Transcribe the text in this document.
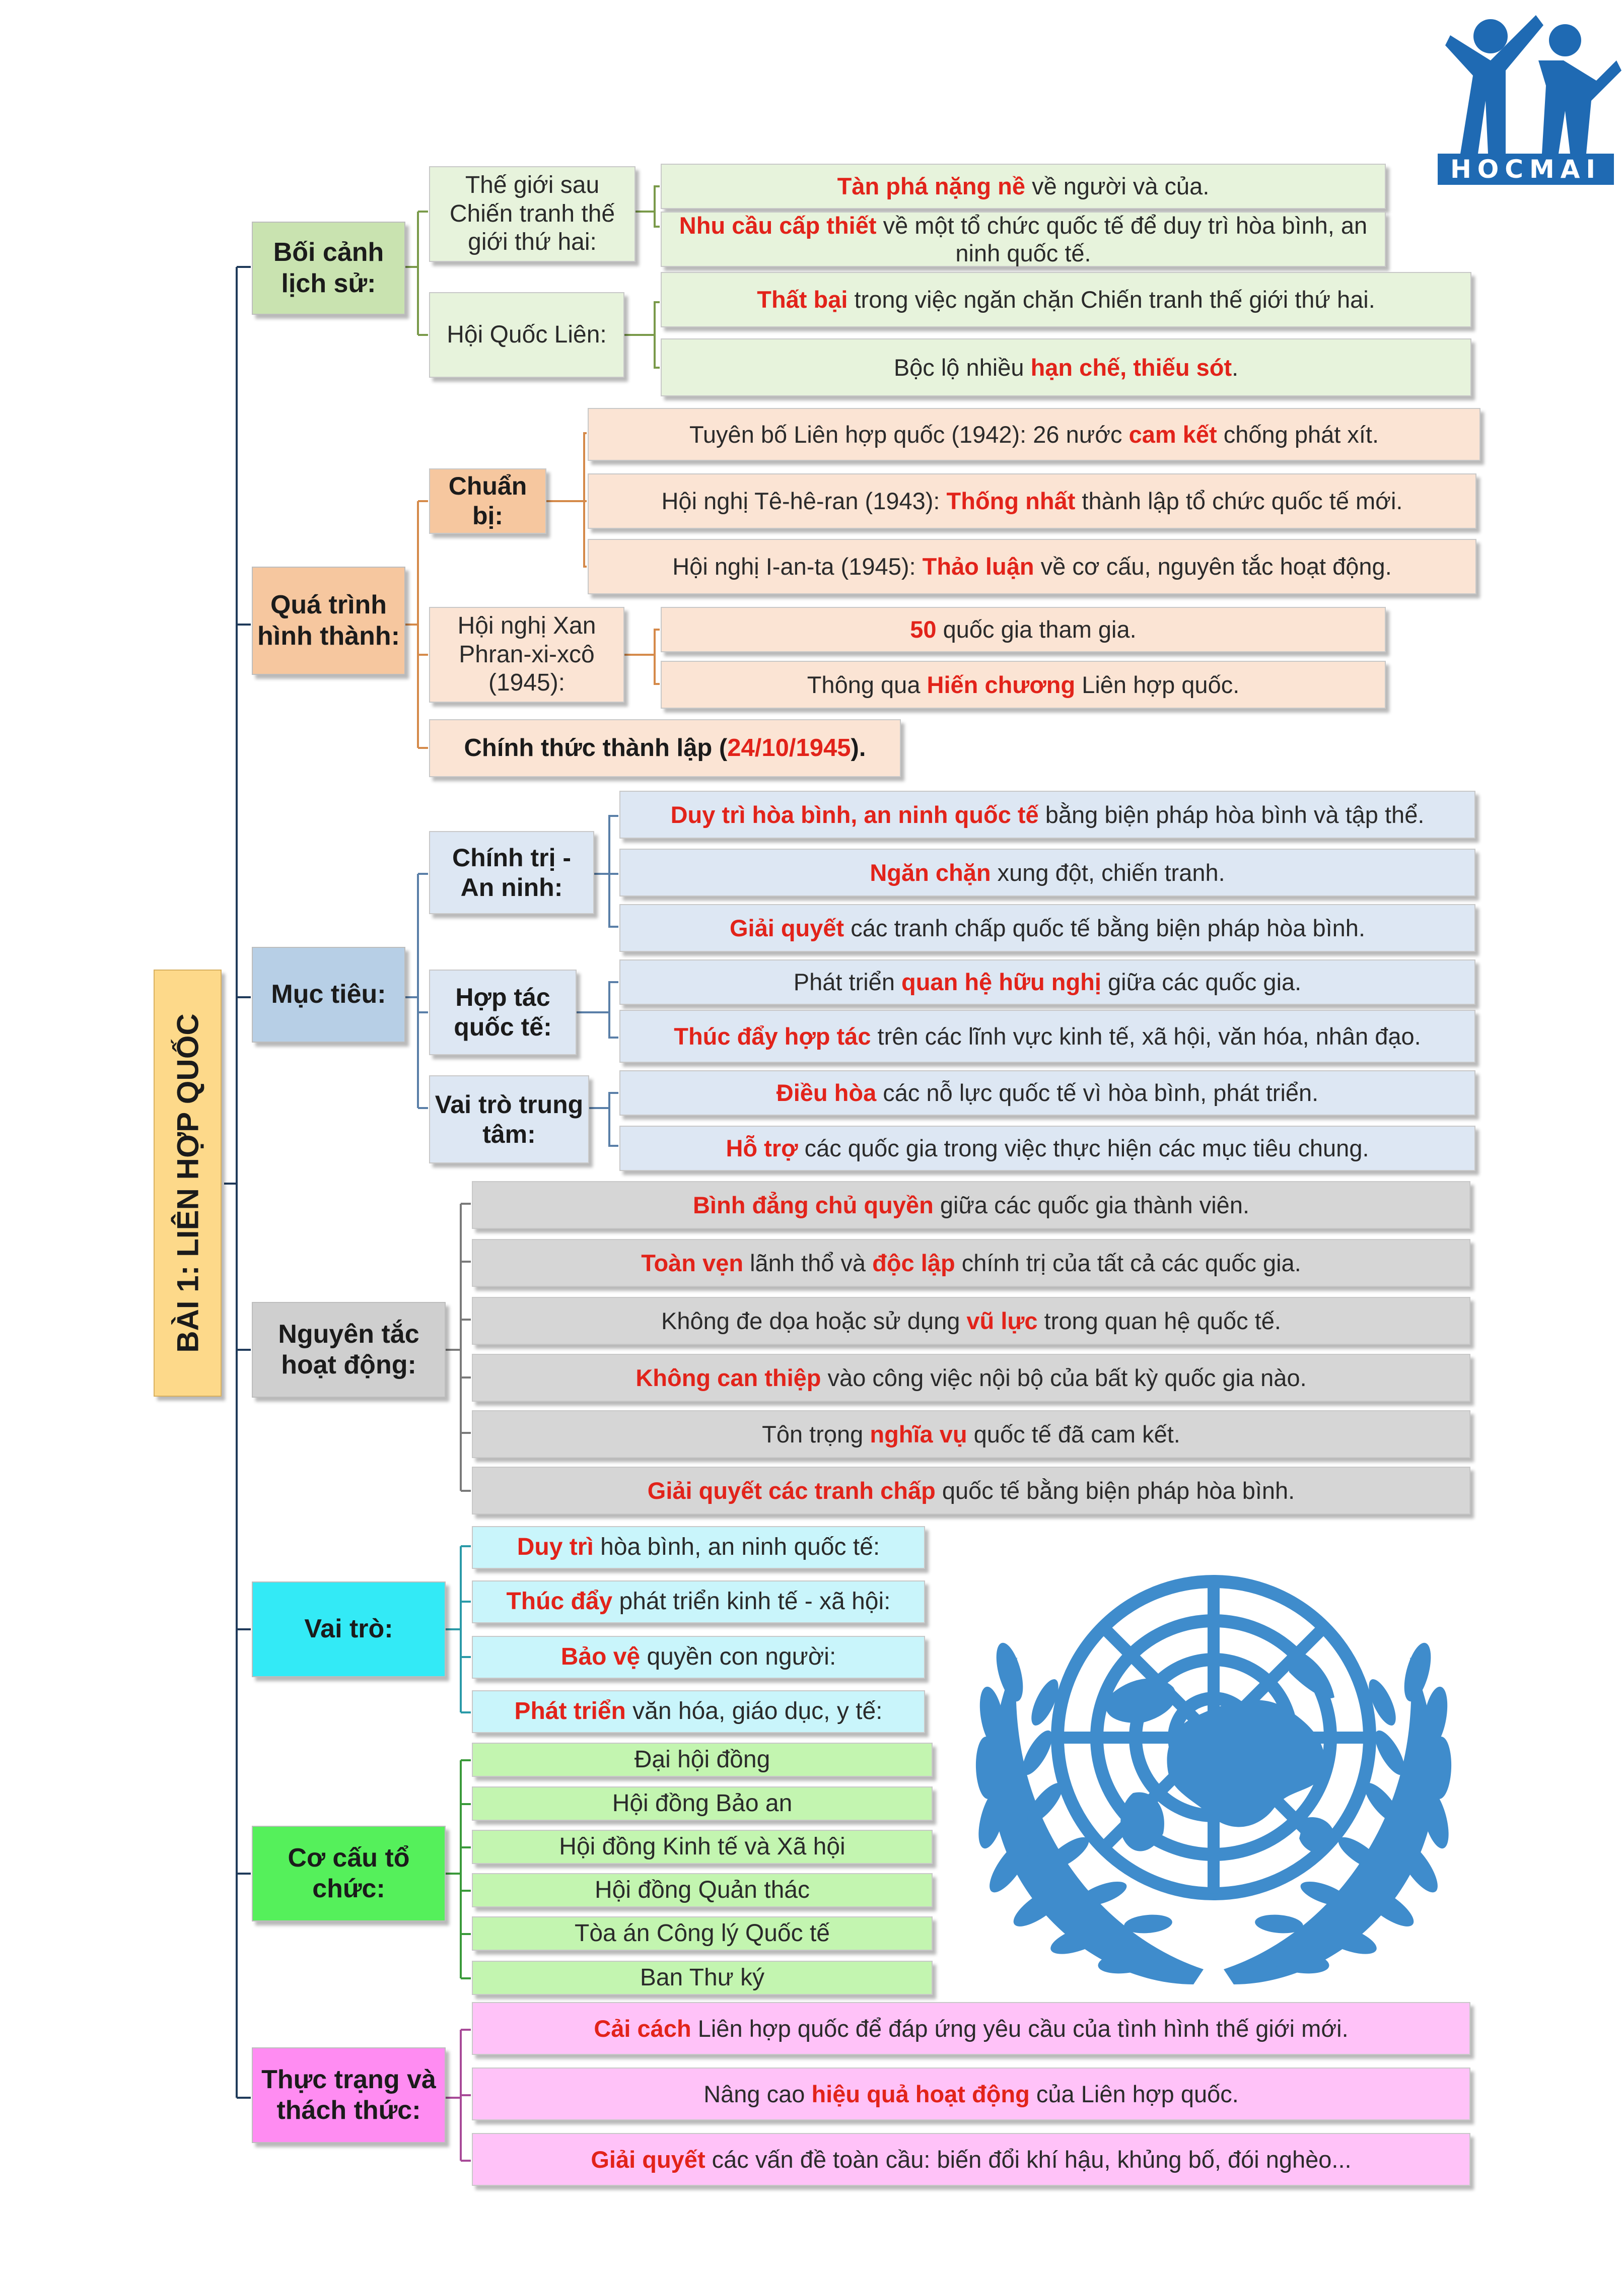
HOCMAI
BÀI 1: LIÊN HỢP QUỐC
Bối cảnh lịch sử:
Thế giới sau Chiến tranh thế giới thứ hai:
Tàn phá nặng nề về người và của.
Nhu cầu cấp thiết về một tổ chức quốc tế để duy trì hòa bình, an ninh quốc tế.
Hội Quốc Liên:
Thất bại trong việc ngăn chặn Chiến tranh thế giới thứ hai.
Bộc lộ nhiều hạn chế, thiếu sót.
Quá trình hình thành:
Chuẩn bị:
Tuyên bố Liên hợp quốc (1942): 26 nước cam kết chống phát xít.
Hội nghị Tê-hê-ran (1943): Thống nhất thành lập tổ chức quốc tế mới.
Hội nghị I-an-ta (1945): Thảo luận về cơ cấu, nguyên tắc hoạt động.
Hội nghị Xan Phran-xi-xcô (1945):
50 quốc gia tham gia.
Thông qua Hiến chương Liên hợp quốc.
Chính thức thành lập (24/10/1945).
Mục tiêu:
Chính trị - An ninh:
Duy trì hòa bình, an ninh quốc tế bằng biện pháp hòa bình và tập thể.
Ngăn chặn xung đột, chiến tranh.
Giải quyết các tranh chấp quốc tế bằng biện pháp hòa bình.
Hợp tác quốc tế:
Phát triển quan hệ hữu nghị giữa các quốc gia.
Thúc đẩy hợp tác trên các lĩnh vực kinh tế, xã hội, văn hóa, nhân đạo.
Vai trò trung tâm:
Điều hòa các nỗ lực quốc tế vì hòa bình, phát triển.
Hỗ trợ các quốc gia trong việc thực hiện các mục tiêu chung.
Nguyên tắc hoạt động:
Bình đẳng chủ quyền giữa các quốc gia thành viên.
Toàn vẹn lãnh thổ và độc lập chính trị của tất cả các quốc gia.
Không đe dọa hoặc sử dụng vũ lực trong quan hệ quốc tế.
Không can thiệp vào công việc nội bộ của bất kỳ quốc gia nào.
Tôn trọng nghĩa vụ quốc tế đã cam kết.
Giải quyết các tranh chấp quốc tế bằng biện pháp hòa bình.
Vai trò:
Duy trì hòa bình, an ninh quốc tế:
Thúc đẩy phát triển kinh tế - xã hội:
Bảo vệ quyền con người:
Phát triển văn hóa, giáo dục, y tế:
Cơ cấu tổ chức:
Đại hội đồng
Hội đồng Bảo an
Hội đồng Kinh tế và Xã hội
Hội đồng Quản thác
Tòa án Công lý Quốc tế
Ban Thư ký
Thực trạng và thách thức:
Cải cách Liên hợp quốc để đáp ứng yêu cầu của tình hình thế giới mới.
Nâng cao hiệu quả hoạt động của Liên hợp quốc.
Giải quyết các vấn đề toàn cầu: biến đổi khí hậu, khủng bố, đói nghèo...
